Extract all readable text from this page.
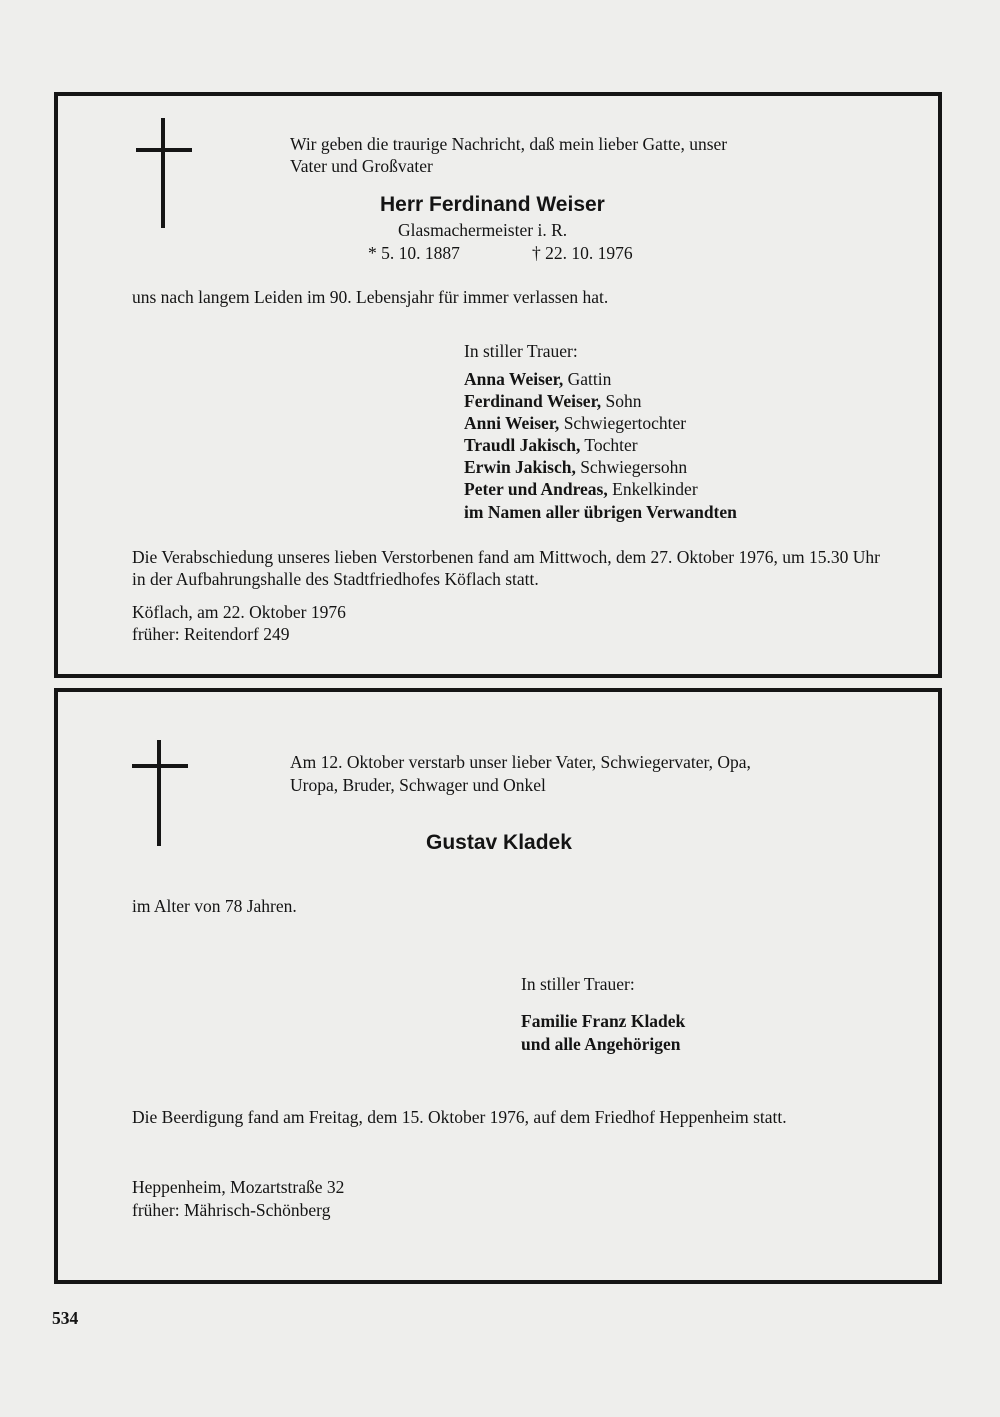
Wir geben die traurige Nachricht, daß mein lieber Gatte, unser
Vater und Großvater
Herr Ferdinand Weiser
Glasmachermeister i. R.
* 5. 10. 1887	† 22. 10. 1976
uns nach langem Leiden im 90. Lebensjahr für immer verlassen hat.
In stiller Trauer:
Anna Weiser, Gattin
Ferdinand Weiser, Sohn
Anni Weiser, Schwiegertochter
Traudl Jakisch, Tochter
Erwin Jakisch, Schwiegersohn
Peter und Andreas, Enkelkinder
im Namen aller übrigen Verwandten
Die Verabschiedung unseres lieben Verstorbenen fand am Mittwoch, dem 27. Oktober 1976, um 15.30 Uhr in der Aufbahrungshalle des Stadtfriedhofes Köflach statt.
Köflach, am 22. Oktober 1976
früher: Reitendorf 249
Am 12. Oktober verstarb unser lieber Vater, Schwiegervater, Opa,
Uropa, Bruder, Schwager und Onkel
Gustav Kladek
im Alter von 78 Jahren.
In stiller Trauer:
Familie Franz Kladek
und alle Angehörigen
Die Beerdigung fand am Freitag, dem 15. Oktober 1976, auf dem Friedhof Heppenheim statt.
Heppenheim, Mozartstraße 32
früher: Mährisch-Schönberg
534
